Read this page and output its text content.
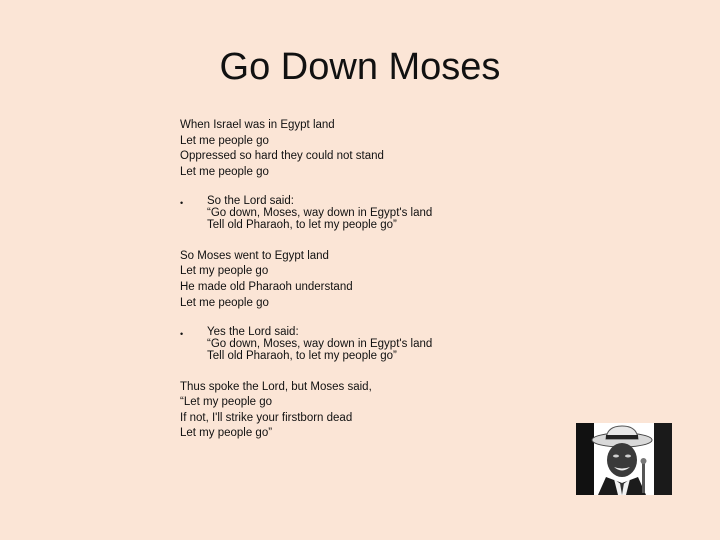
Go Down Moses
When Israel was in Egypt land
Let me people go
Oppressed so hard they could not stand
Let me people go
• So the Lord said:
“Go down, Moses, way down in Egypt's land
Tell old Pharaoh, to let my people go”
So Moses went to Egypt land
Let my people go
He made old Pharaoh understand
Let me people go
• Yes the Lord said:
“Go down, Moses, way down in Egypt's land
Tell old Pharaoh, to let my people go”
Thus spoke the Lord, but Moses said,
“Let my people go
If not, I'll strike your firstborn dead
Let my people go”
